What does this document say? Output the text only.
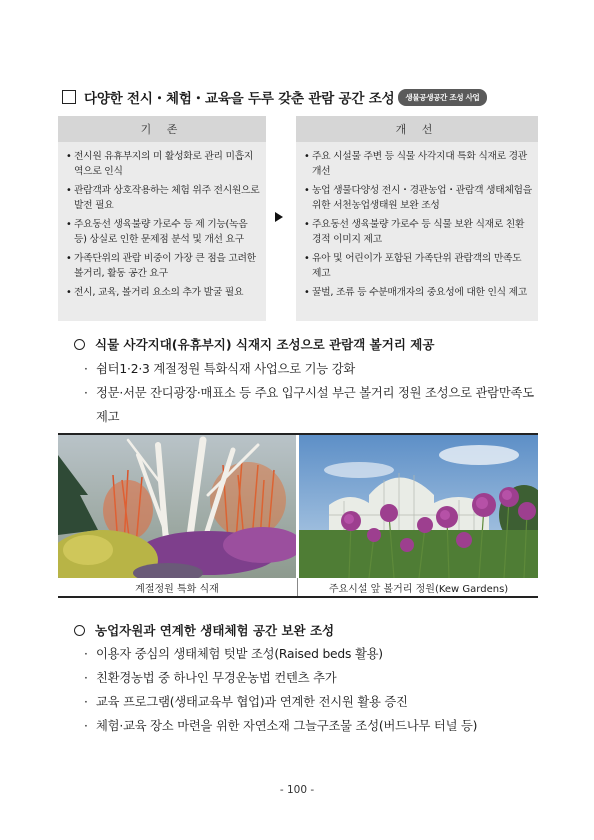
다양한 전시・체험・교육을 두루 갖춘 관람 공간 조성	생물공생공간 조성 사업
기 존
• 전시원 유휴부지의 미 활성화로 관리 미흡지역으로 인식
• 관람객과 상호작용하는 체험 위주 전시원으로 발전 필요
• 주요동선 생육불량 가로수 등 제 기능(녹음 등) 상실로 인한 문제점 분석 및 개선 요구
• 가족단위의 관람 비중이 가장 큰 점을 고려한 볼거리, 활동 공간 요구
• 전시, 교육, 볼거리 요소의 추가 발굴 필요
개 선
• 주요 시설물 주변 등 식물 사각지대 특화 식재로 경관 개선
• 농업 생물다양성 전시・경관농업・관람객 생태체험을 위한 서천농업생태원 보완 조성
• 주요동선 생육불량 가로수 등 식물 보완 식재로 친환경적 이미지 제고
• 유아 및 어린이가 포함된 가족단위 관람객의 만족도 제고
• 꿀벌, 조류 등 수분매개자의 중요성에 대한 인식 제고
식물 사각지대(유휴부지) 식재지 조성으로 관람객 볼거리 제공
· 쉼터1·2·3 계절정원 특화식재 사업으로 기능 강화
· 정문·서문 잔디광장·매표소 등 주요 입구시설 부근 볼거리 정원 조성으로 관람만족도 제고
계절정원 특화 식재	주요시설 앞 볼거리 정원(Kew Gardens)
농업자원과 연계한 생태체험 공간 보완 조성
· 이용자 중심의 생태체험 텃밭 조성(Raised beds 활용)
· 친환경농법 중 하나인 무경운농법 컨텐츠 추가
· 교육 프로그램(생태교육부 협업)과 연계한 전시원 활용 증진
· 체험·교육 장소 마련을 위한 자연소재 그늘구조물 조성(버드나무 터널 등)
- 100 -
